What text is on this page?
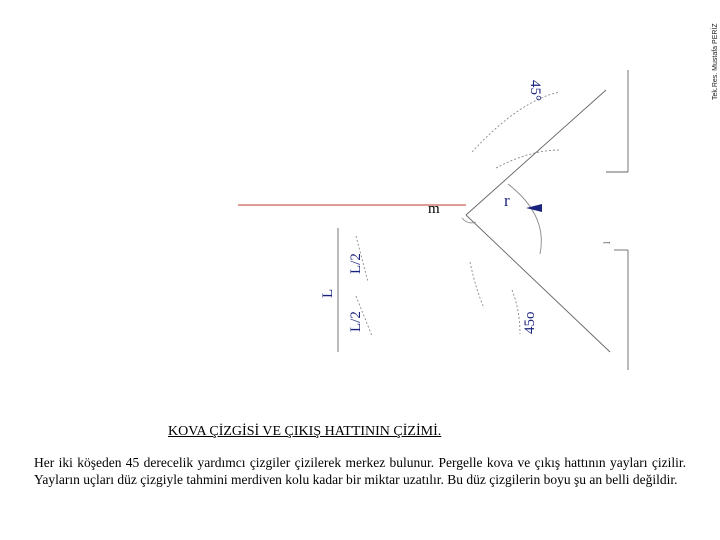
Tek.Res. Mustafa PERİZ
m	r
L
L/2
L/2
45°
45o
l
KOVA ÇİZGİSİ VE ÇIKIŞ HATTININ ÇİZİMİ.

Her iki köşeden 45 derecelik yardımcı çizgiler çizilerek merkez bulunur. Pergelle kova ve çıkış hattının yayları çizilir. Yayların uçları düz çizgiyle tahmini merdiven kolu kadar bir miktar uzatılır. Bu düz çizgilerin boyu şu an belli değildir.
